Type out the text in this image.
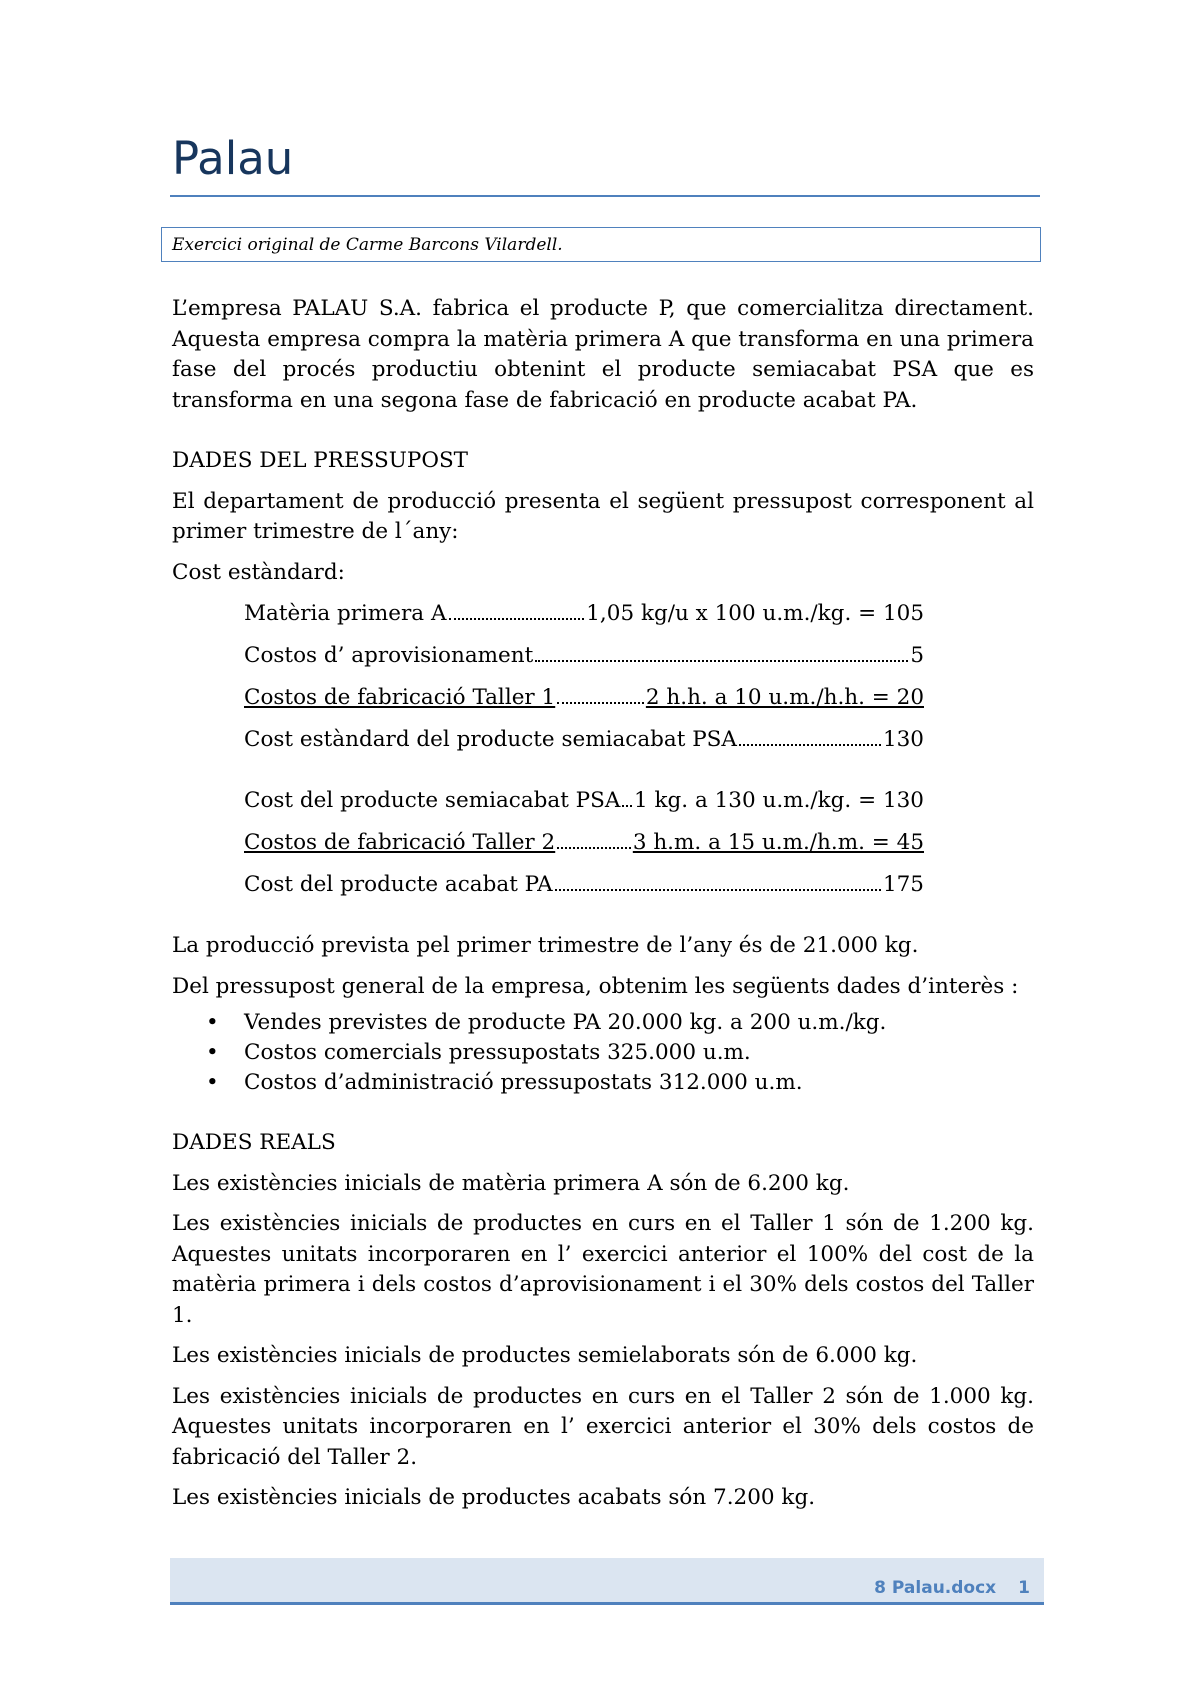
Palau
Exercici original de Carme Barcons Vilardell.

L’empresa PALAU S.A. fabrica el producte P, que comercialitza directament. Aquesta empresa compra la matèria primera A que transforma en una primera fase del procés productiu obtenint el producte semiacabat PSA que es transforma en una segona fase de fabricació en producte acabat PA.

DADES DEL PRESSUPOST

El departament de producció presenta el següent pressupost corresponent al primer trimestre de l´any:

Cost estàndard:

Matèria primera A	1,05 kg/u x 100 u.m./kg. = 105
Costos d’ aprovisionament	5
Costos de fabricació Taller 1	2 h.h. a 10 u.m./h.h. = 20
Cost estàndard del producte semiacabat PSA	130
Cost del producte semiacabat PSA 1 kg. a 130 u.m./kg. = 130
Costos de fabricació Taller 2	3 h.m. a 15 u.m./h.m. = 45
Cost del producte acabat PA	175

La producció prevista pel primer trimestre de l’any és de 21.000 kg.

Del pressupost general de la empresa, obtenim les següents dades d’interès :

• Vendes previstes de producte PA 20.000 kg. a 200 u.m./kg.
• Costos comercials pressupostats 325.000 u.m.
• Costos d’administració pressupostats 312.000 u.m.

DADES REALS

Les existències inicials de matèria primera A són de 6.200 kg.

Les existències inicials de productes en curs en el Taller 1 són de 1.200 kg. Aquestes unitats incorporaren en l’ exercici anterior el 100% del cost de la matèria primera i dels costos d’aprovisionament i el 30% dels costos del Taller 1.

Les existències inicials de productes semielaborats són de 6.000 kg.

Les existències inicials de productes en curs en el Taller 2 són de 1.000 kg. Aquestes unitats incorporaren en l’ exercici anterior el 30% dels costos de fabricació del Taller 2.

Les existències inicials de productes acabats són 7.200 kg.

8 Palau.docx 1
